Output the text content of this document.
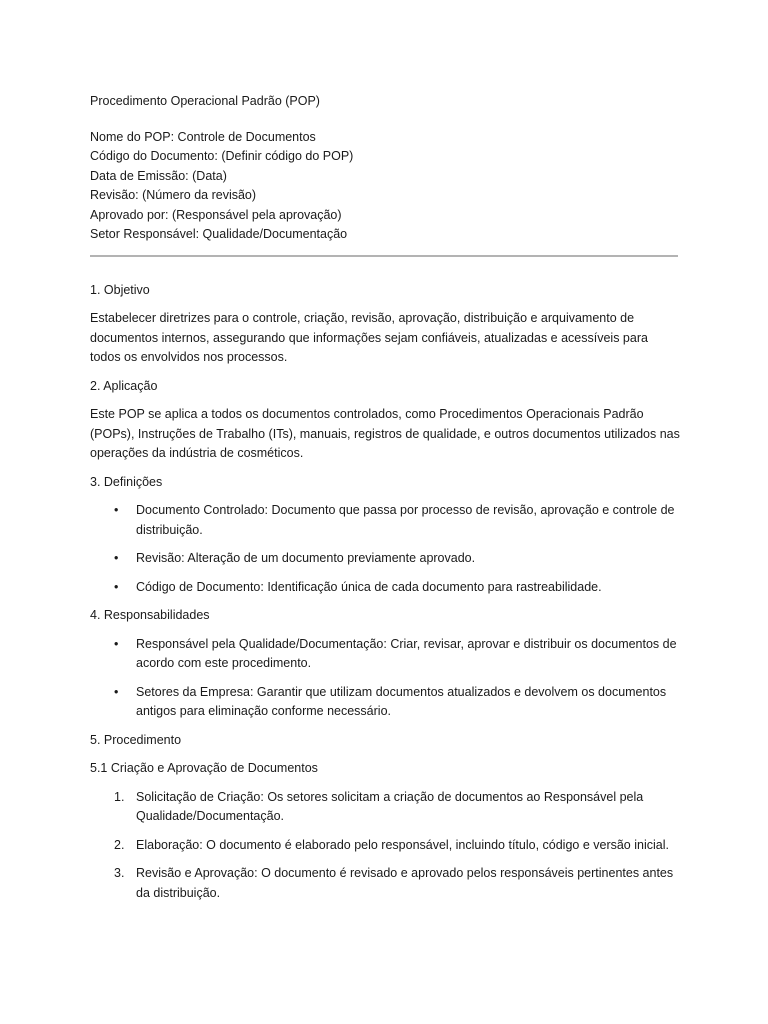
Procedimento Operacional Padrão (POP)

Nome do POP: Controle de Documentos

Código do Documento: (Definir código do POP)

Data de Emissão: (Data)

Revisão: (Número da revisão)

Aprovado por: (Responsável pela aprovação)

Setor Responsável: Qualidade/Documentação

1. Objetivo

Estabelecer diretrizes para o controle, criação, revisão, aprovação, distribuição e arquivamento de documentos internos, assegurando que informações sejam confiáveis, atualizadas e acessíveis para todos os envolvidos nos processos.

2. Aplicação

Este POP se aplica a todos os documentos controlados, como Procedimentos Operacionais Padrão (POPs), Instruções de Trabalho (ITs), manuais, registros de qualidade, e outros documentos utilizados nas operações da indústria de cosméticos.

3. Definições

• Documento Controlado: Documento que passa por processo de revisão, aprovação e controle de distribuição.
• Revisão: Alteração de um documento previamente aprovado.
• Código de Documento: Identificação única de cada documento para rastreabilidade.

4. Responsabilidades

• Responsável pela Qualidade/Documentação: Criar, revisar, aprovar e distribuir os documentos de acordo com este procedimento.
• Setores da Empresa: Garantir que utilizam documentos atualizados e devolvem os documentos antigos para eliminação conforme necessário.

5. Procedimento

5.1 Criação e Aprovação de Documentos

1. Solicitação de Criação: Os setores solicitam a criação de documentos ao Responsável pela Qualidade/Documentação.
2. Elaboração: O documento é elaborado pelo responsável, incluindo título, código e versão inicial.
3. Revisão e Aprovação: O documento é revisado e aprovado pelos responsáveis pertinentes antes da distribuição.
